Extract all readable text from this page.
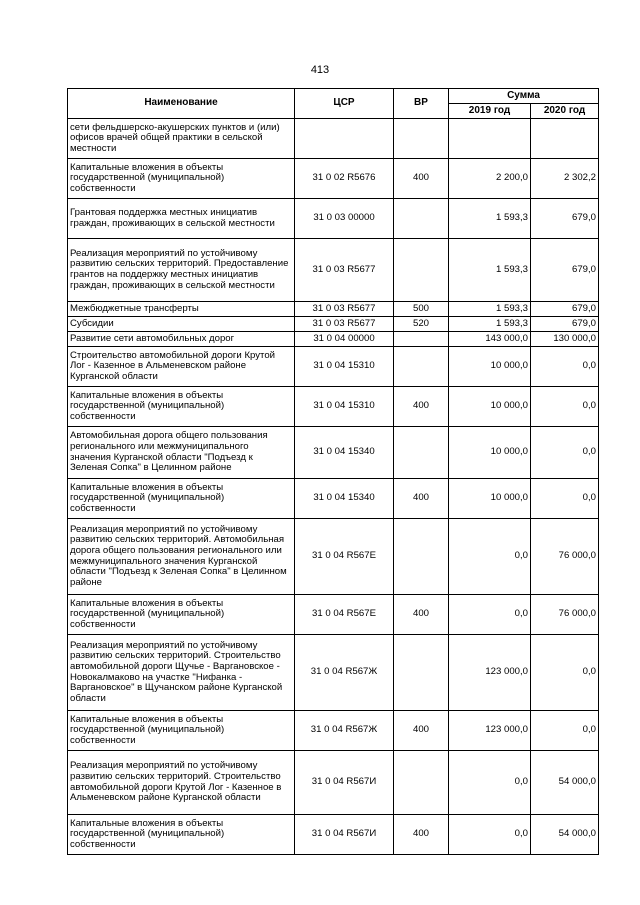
413
Наименование	ЦСР	ВР	Сумма	
			2019 год	2020 год
сети фельдшерско-акушерских пунктов и (или) офисов врачей общей практики в сельской местности				
Капитальные вложения в объекты государственной (муниципальной) собственности	31 0 02 R5676	400	2 200,0	2 302,2
Грантовая поддержка местных инициатив граждан, проживающих в сельской местности	31 0 03 00000		1 593,3	679,0
Реализация мероприятий по устойчивому развитию сельских территорий. Предоставление грантов на поддержку местных инициатив граждан, проживающих в сельской местности	31 0 03 R5677		1 593,3	679,0
Межбюджетные трансферты	31 0 03 R5677	500	1 593,3	679,0
Субсидии	31 0 03 R5677	520	1 593,3	679,0
Развитие сети автомобильных дорог	31 0 04 00000		143 000,0	130 000,0
Строительство автомобильной дороги Крутой Лог - Казенное в Альменевском районе Курганской области	31 0 04 15310		10 000,0	0,0
Капитальные вложения в объекты государственной (муниципальной) собственности	31 0 04 15310	400	10 000,0	0,0
Автомобильная дорога общего пользования регионального или межмуниципального значения Курганской области "Подъезд к Зеленая Сопка" в Целинном районе	31 0 04 15340		10 000,0	0,0
Капитальные вложения в объекты государственной (муниципальной) собственности	31 0 04 15340	400	10 000,0	0,0
Реализация мероприятий по устойчивому развитию сельских территорий. Автомобильная дорога общего пользования регионального или межмуниципального значения Курганской области "Подъезд к Зеленая Сопка" в Целинном районе	31 0 04 R567E		0,0	76 000,0
Капитальные вложения в объекты государственной (муниципальной) собственности	31 0 04 R567E	400	0,0	76 000,0
Реализация мероприятий по устойчивому развитию сельских территорий. Строительство автомобильной дороги Щучье - Варгановское - Новокалмаково на участке "Нифанка - Варгановское" в Щучанском районе Курганской области	31 0 04 R567Ж		123 000,0	0,0
Капитальные вложения в объекты государственной (муниципальной) собственности	31 0 04 R567Ж	400	123 000,0	0,0
Реализация мероприятий по устойчивому развитию сельских территорий. Строительство автомобильной дороги Крутой Лог - Казенное в Альменевском районе Курганской области	31 0 04 R567И		0,0	54 000,0
Капитальные вложения в объекты государственной (муниципальной) собственности	31 0 04 R567И	400	0,0	54 000,0
